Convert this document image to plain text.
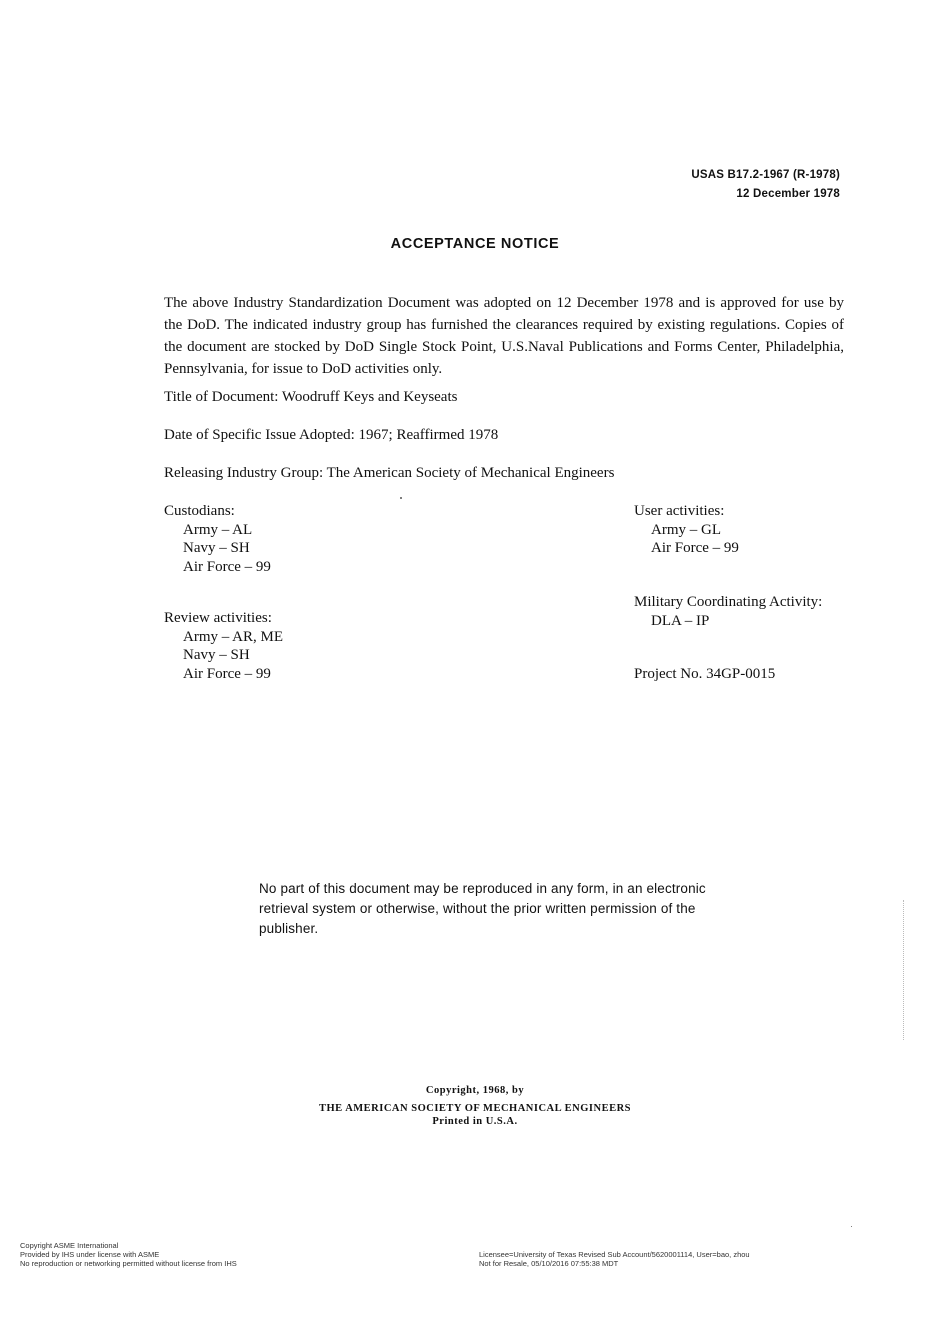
USAS B17.2-1967 (R-1978)
12 December 1978
ACCEPTANCE NOTICE
The above Industry Standardization Document was adopted on 12 December 1978 and is approved for use by the DoD. The indicated industry group has furnished the clearances required by existing regulations. Copies of the document are stocked by DoD Single Stock Point, U.S.Naval Publications and Forms Center, Philadelphia, Pennsylvania, for issue to DoD activities only.
Title of Document: Woodruff Keys and Keyseats
Date of Specific Issue Adopted: 1967; Reaffirmed 1978
Releasing Industry Group: The American Society of Mechanical Engineers
Custodians:
Army – AL
Navy – SH
Air Force – 99
Review activities:
Army – AR, ME
Navy – SH
Air Force – 99
User activities:
Army – GL
Air Force – 99
Military Coordinating Activity:
DLA – IP
Project No. 34GP-0015
No part of this document may be reproduced in any form, in an electronic retrieval system or otherwise, without the prior written permission of the publisher.
Copyright, 1968, by
THE AMERICAN SOCIETY OF MECHANICAL ENGINEERS
Printed in U.S.A.
Copyright ASME International
Provided by IHS under license with ASME
No reproduction or networking permitted without license from IHS
Licensee=University of Texas Revised Sub Account/5620001114, User=bao, zhou
Not for Resale, 05/10/2016 07:55:38 MDT
